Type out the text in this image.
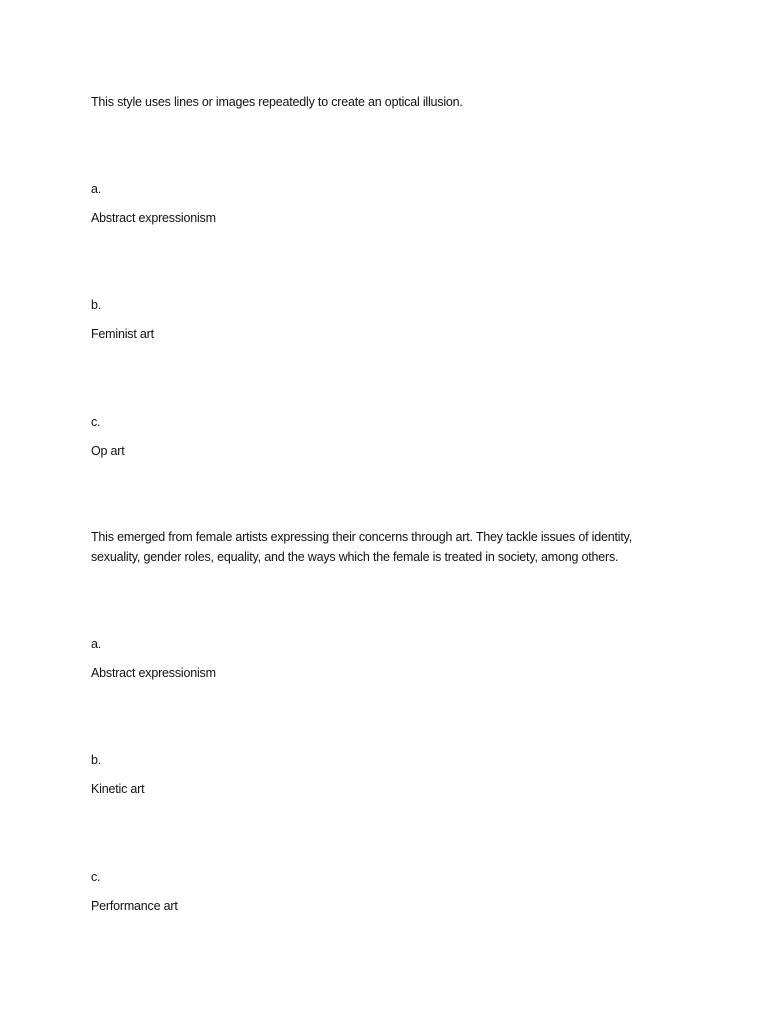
This style uses lines or images repeatedly to create an optical illusion.
a.
Abstract expressionism
b.
Feminist art
c.
Op art
This emerged from female artists expressing their concerns through art. They tackle issues of identity,
sexuality, gender roles, equality, and the ways which the female is treated in society, among others.
a.
Abstract expressionism
b.
Kinetic art
c.
Performance art
